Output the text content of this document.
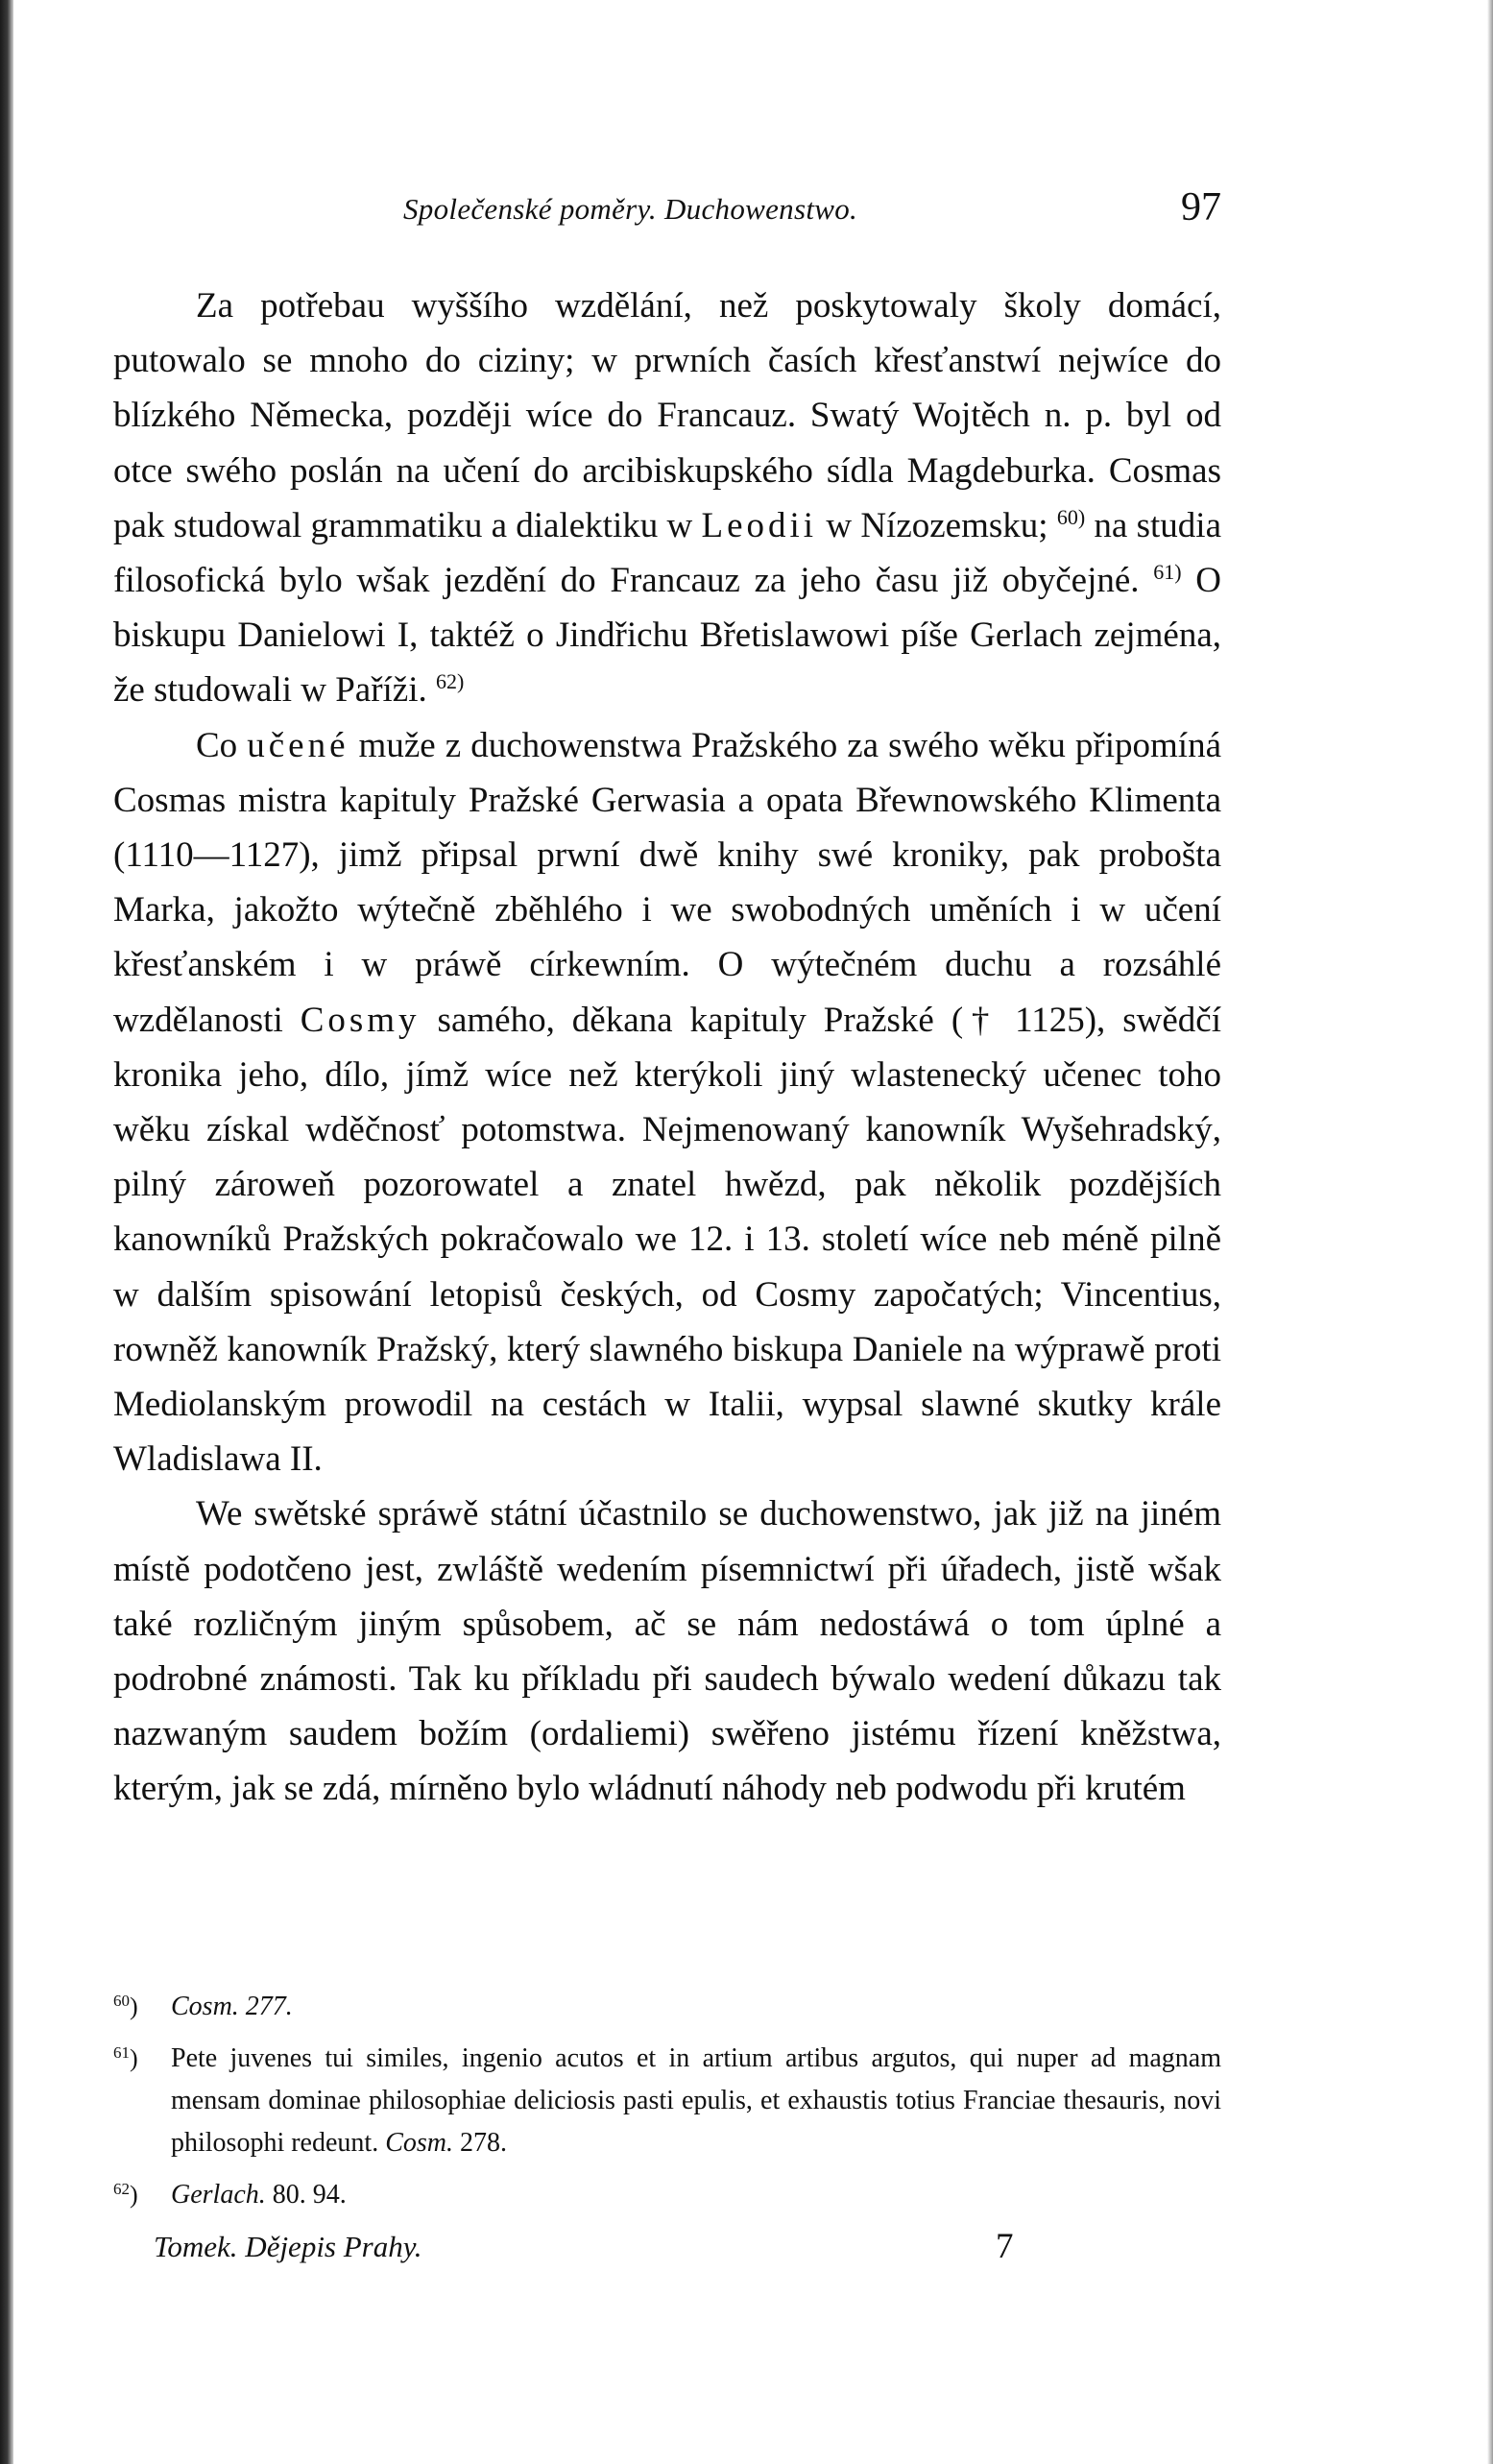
Společenské poměry. Duchowenstwo.	97

Za potřebau wyššího wzdělání, než poskytowaly školy domácí, putowalo se mnoho do ciziny; w prwních časích křesťanstwí nejwíce do blízkého Německa, později wíce do Francauz. Swatý Wojtěch n. p. byl od otce swého poslán na učení do arcibiskupského sídla Magdeburka. Cosmas pak studowal grammatiku a dialektiku w Leodii w Nízozemsku; $^{60)}$ na studia filosofická bylo wšak jezdění do Francauz za jeho času již obyčejné. $^{61)}$ O biskupu Danielowi I, taktéž o Jindřichu Břetislawowi píše Gerlach zejména, že studowali w Paříži. $^{62)}$

Co učené muže z duchowenstwa Pražského za swého wěku připomíná Cosmas mistra kapituly Pražské Gerwasia a opata Břewnowského Klimenta (1110—1127), jimž připsal prwní dwě knihy swé kroniky, pak probošta Marka, jakožto wýtečně zběhlého i we swobodných uměních i w učení křesťanském i w práwě církewním. O wýtečném duchu a rozsáhlé wzdělanosti Cosmy samého, děkana kapituly Pražské († 1125), swědčí kronika jeho, dílo, jímž wíce než kterýkoli jiný wlastenecký učenec toho wěku získal wděčnosť potomstwa. Nejmenowaný kanowník Wyšehradský, pilný zároweň pozorowatel a znatel hwězd, pak několik pozdějších kanowníků Pražských pokračowalo we 12. i 13. století wíce neb méně pilně w dalším spisowání letopisů českých, od Cosmy započatých; Vincentius, rowněž kanowník Pražský, který slawného biskupa Daniele na wýprawě proti Mediolanským prowodil na cestách w Italii, wypsal slawné skutky krále Wladislawa II.

We swětské spráwě státní účastnilo se duchowenstwo, jak již na jiném místě podotčeno jest, zwláště wedením písemnictwí při úřadech, jistě wšak také rozličným jiným spůsobem, ač se nám nedostáwá o tom úplné a podrobné známosti. Tak ku příkladu při saudech býwalo wedení důkazu tak nazwaným saudem božím (ordaliemi) swěřeno jistému řízení kněžstwa, kterým, jak se zdá, mírněno bylo wládnutí náhody neb podwodu při krutém

$^{60}$) Cosm. 277.

$^{61}$) Pete juvenes tui similes, ingenio acutos et in artium artibus argutos, qui nuper ad magnam mensam dominae philosophiae deliciosis pasti epulis, et exhaustis totius Franciae thesauris, novi philosophi redeunt. Cosm. 278.

$^{62}$) Gerlach. 80. 94.

Tomek. Dějepis Prahy.	7
